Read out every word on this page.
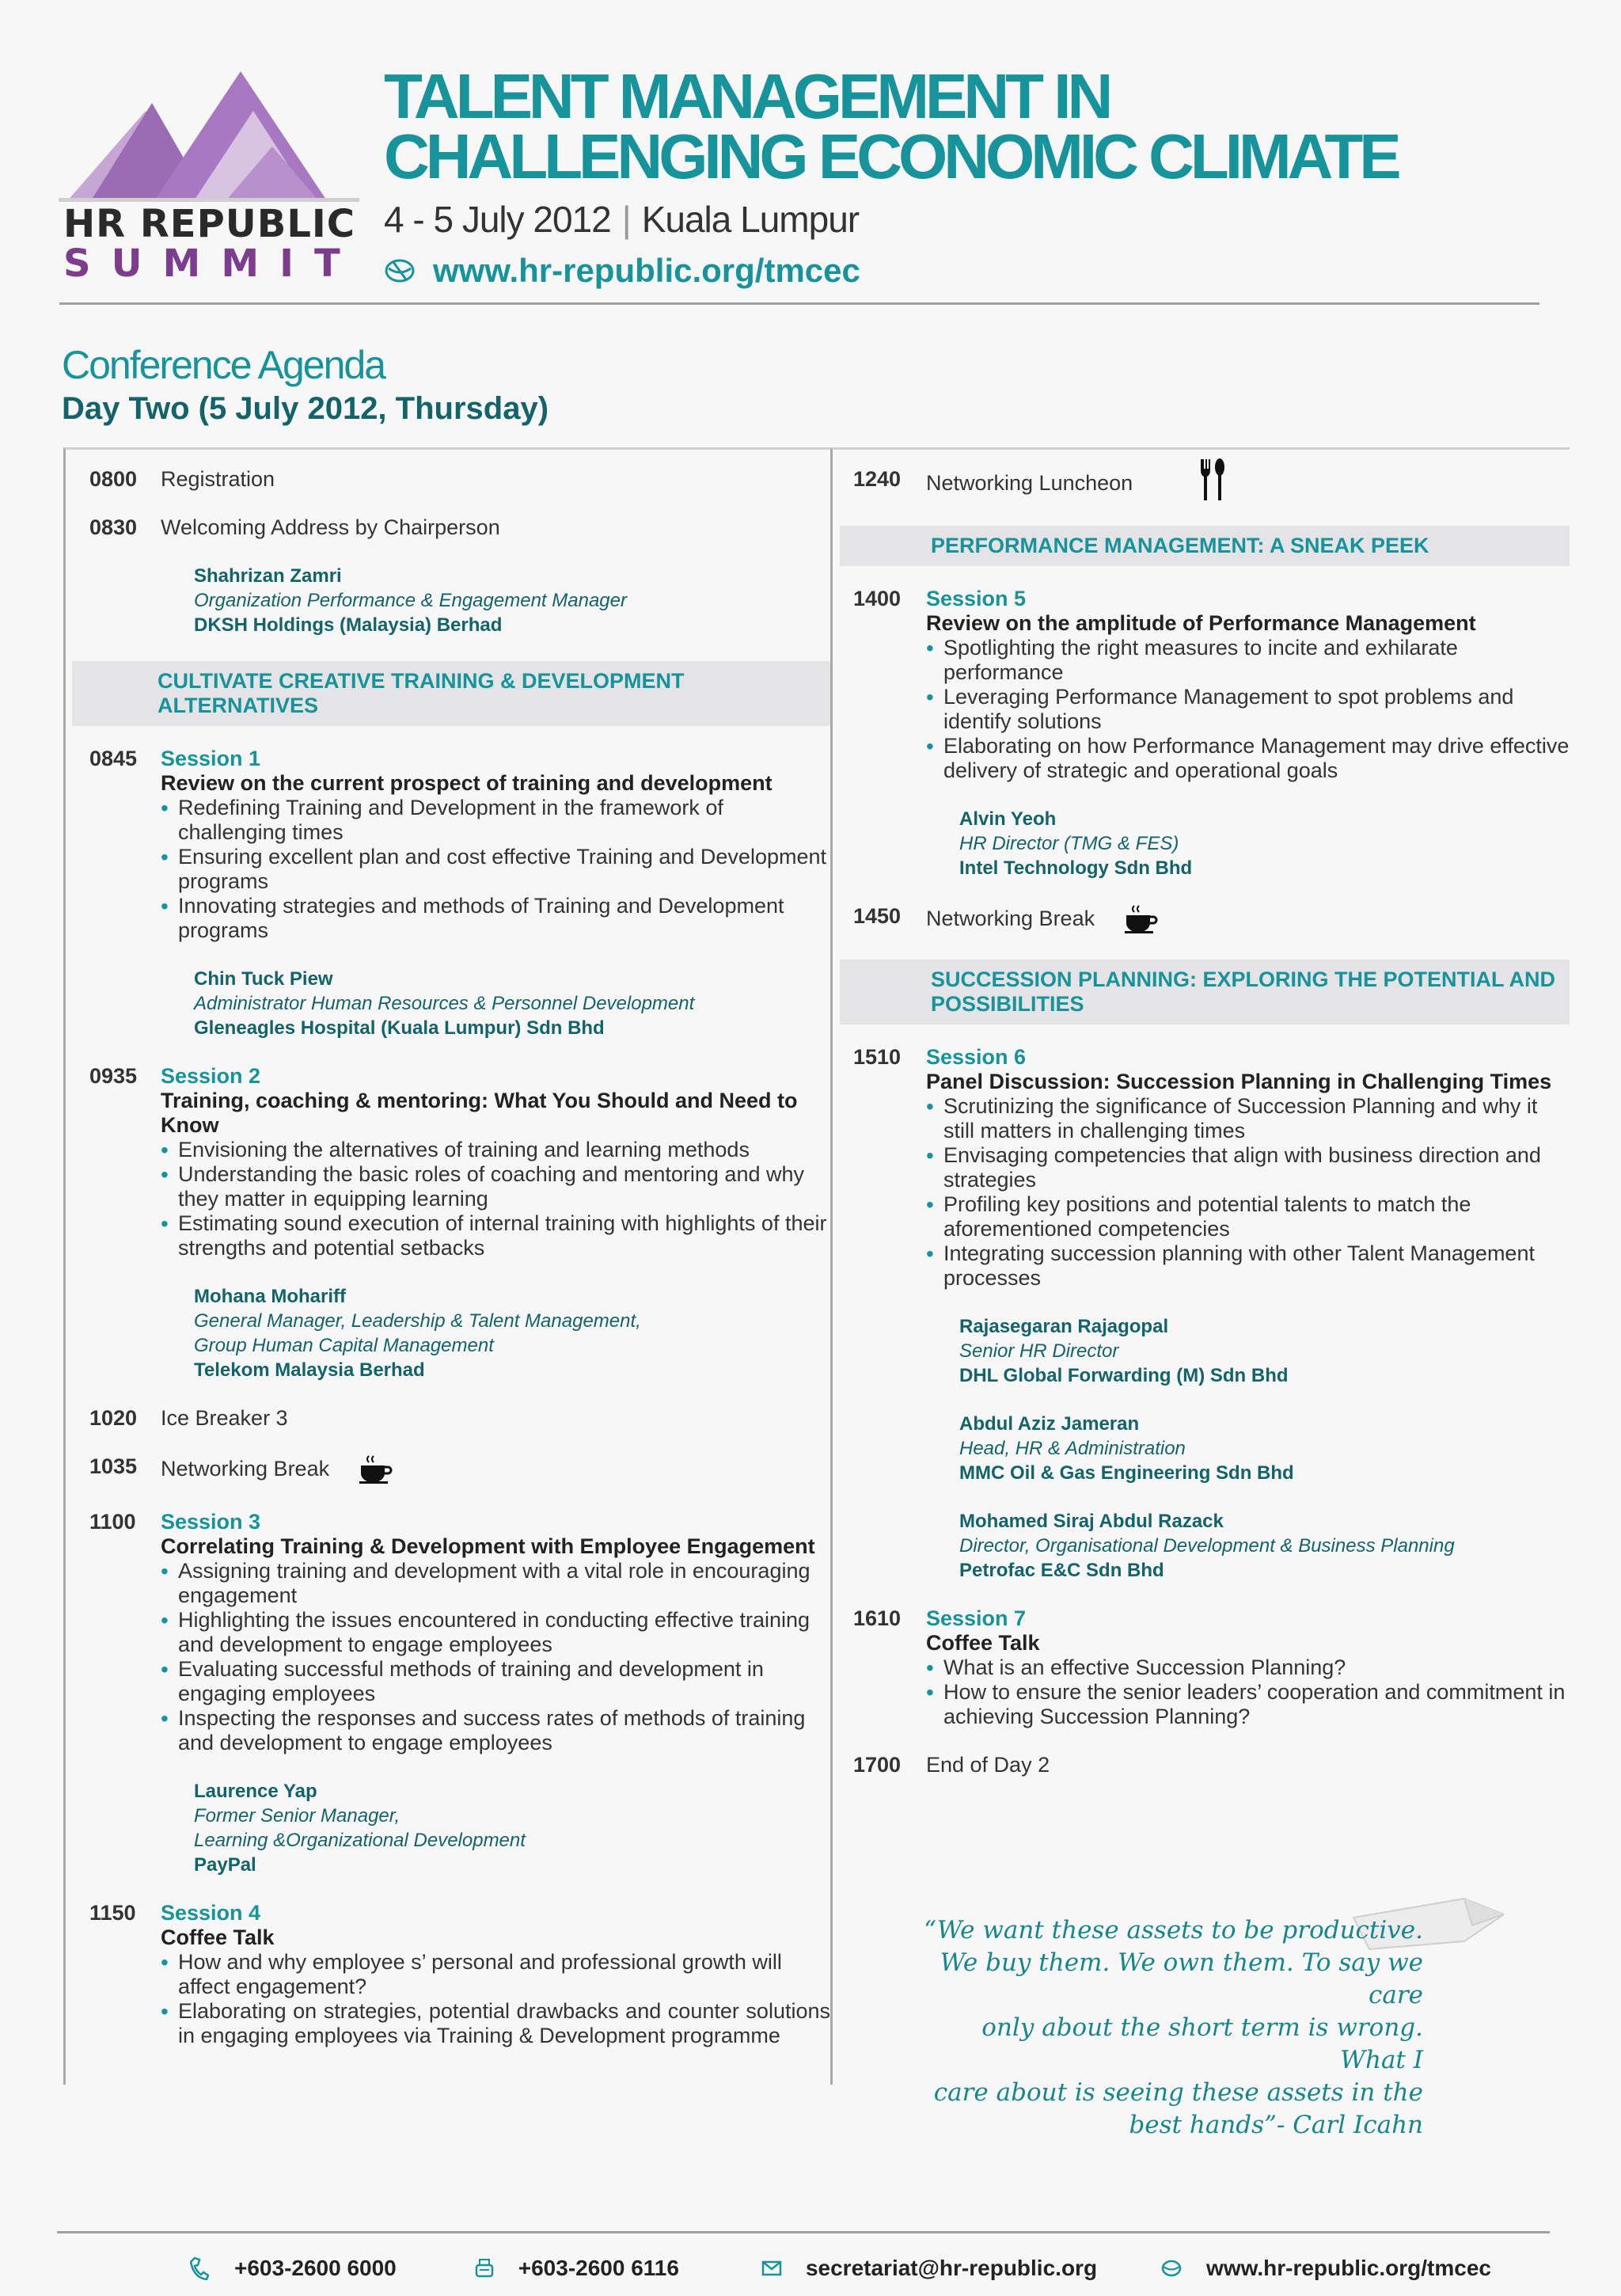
HR REPUBLIC
SUMMIT
TALENT MANAGEMENT IN
CHALLENGING ECONOMIC CLIMATE
4 - 5 July 2012 | Kuala Lumpur
www.hr-republic.org/tmcec
Conference Agenda
Day Two (5 July 2012, Thursday)
0800 Registration
0830 Welcoming Address by Chairperson
Shahrizan Zamri
Organization Performance & Engagement Manager
DKSH Holdings (Malaysia) Berhad
CULTIVATE CREATIVE TRAINING & DEVELOPMENT ALTERNATIVES
0845 Session 1
Review on the current prospect of training and development
• Redefining Training and Development in the framework of challenging times
• Ensuring excellent plan and cost effective Training and Development programs
• Innovating strategies and methods of Training and Development programs
Chin Tuck Piew
Administrator Human Resources & Personnel Development
Gleneagles Hospital (Kuala Lumpur) Sdn Bhd
0935 Session 2
Training, coaching & mentoring: What You Should and Need to Know
• Envisioning the alternatives of training and learning methods
• Understanding the basic roles of coaching and mentoring and why they matter in equipping learning
• Estimating sound execution of internal training with highlights of their strengths and potential setbacks
Mohana Mohariff
General Manager, Leadership & Talent Management,
Group Human Capital Management
Telekom Malaysia Berhad
1020 Ice Breaker 3
1035 Networking Break
1100 Session 3
Correlating Training & Development with Employee Engagement
• Assigning training and development with a vital role in encouraging engagement
• Highlighting the issues encountered in conducting effective training and development to engage employees
• Evaluating successful methods of training and development in engaging employees
• Inspecting the responses and success rates of methods of training and development to engage employees
Laurence Yap
Former Senior Manager,
Learning &Organizational Development
PayPal
1150 Session 4
Coffee Talk
• How and why employee s’ personal and professional growth will affect engagement?
• Elaborating on strategies, potential drawbacks and counter solutions in engaging employees via Training & Development programme
1240 Networking Luncheon
PERFORMANCE MANAGEMENT: A SNEAK PEEK
1400 Session 5
Review on the amplitude of Performance Management
• Spotlighting the right measures to incite and exhilarate performance
• Leveraging Performance Management to spot problems and identify solutions
• Elaborating on how Performance Management may drive effective delivery of strategic and operational goals
Alvin Yeoh
HR Director (TMG & FES)
Intel Technology Sdn Bhd
1450 Networking Break
SUCCESSION PLANNING: EXPLORING THE POTENTIAL AND POSSIBILITIES
1510 Session 6
Panel Discussion: Succession Planning in Challenging Times
• Scrutinizing the significance of Succession Planning and why it still matters in challenging times
• Envisaging competencies that align with business direction and strategies
• Profiling key positions and potential talents to match the aforementioned competencies
• Integrating succession planning with other Talent Management processes
Rajasegaran Rajagopal
Senior HR Director
DHL Global Forwarding (M) Sdn Bhd
Abdul Aziz Jameran
Head, HR & Administration
MMC Oil & Gas Engineering Sdn Bhd
Mohamed Siraj Abdul Razack
Director, Organisational Development & Business Planning
Petrofac E&C Sdn Bhd
1610 Session 7
Coffee Talk
• What is an effective Succession Planning?
• How to ensure the senior leaders’ cooperation and commitment in achieving Succession Planning?
1700 End of Day 2
“We want these assets to be productive.
We buy them. We own them. To say we care
only about the short term is wrong. What I
care about is seeing these assets in the
best hands”- Carl Icahn
+603-2600 6000	+603-2600 6116	secretariat@hr-republic.org	www.hr-republic.org/tmcec
